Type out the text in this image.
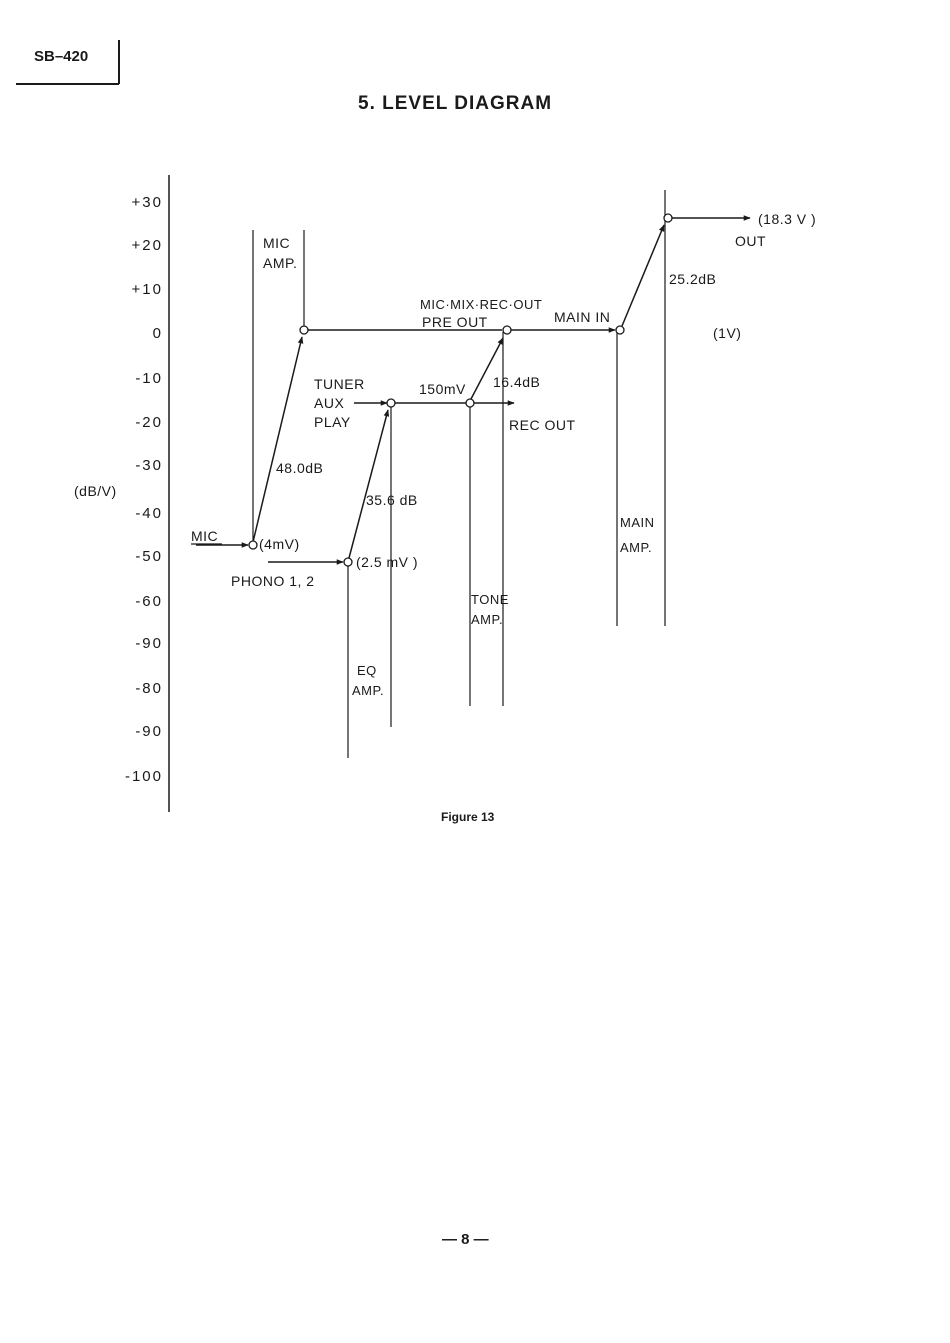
SB–420
5. LEVEL DIAGRAM
+30
+20
+10
0
-10
-20
-30
-40
-50
-60
-90
-80
-90
-100
(dB/V)
MIC
AMP.
MIC	(4mV)
PHONO 1, 2
(2.5 mV )
48.0dB
35.6 dB
TUNER
AUX
PLAY
150mV 16.4dB
REC OUT
MIC·MIX·REC·OUT
PRE OUT	MAIN IN
25.2dB
(18.3 V )
OUT
(1V)
MAIN
AMP.
TONE
AMP.
EQ
AMP.
Figure 13
— 8 —
